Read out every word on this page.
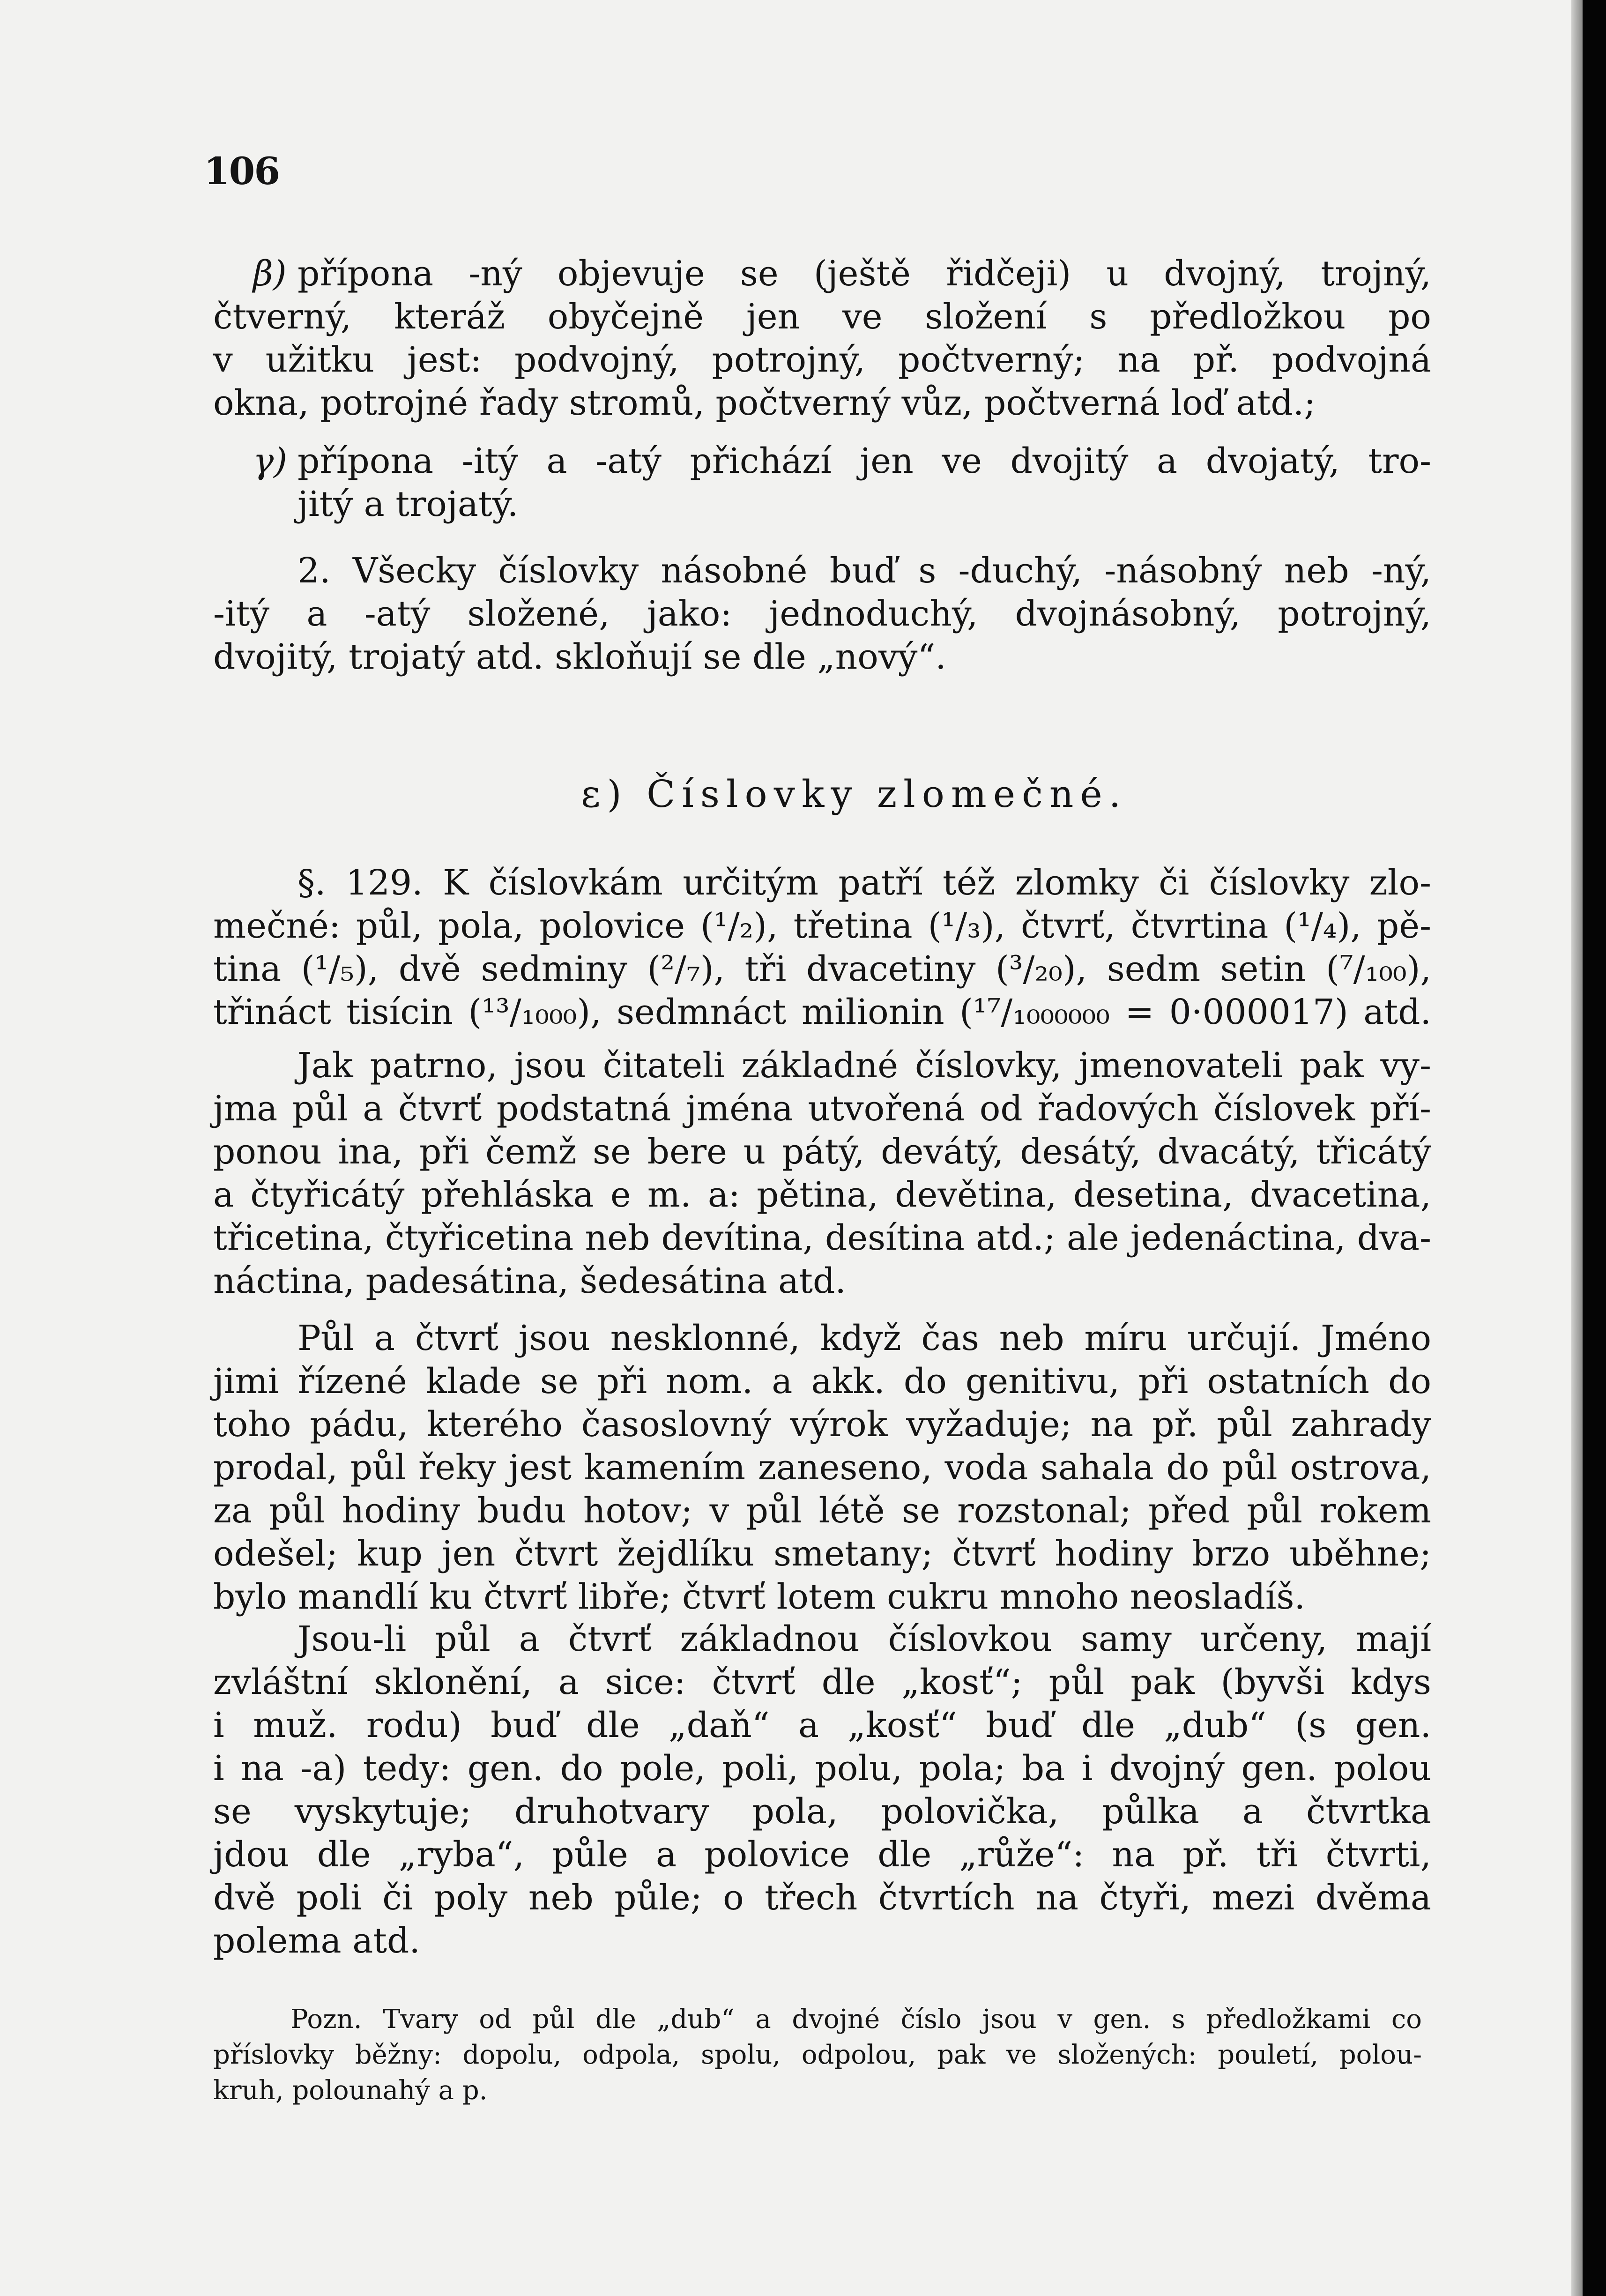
106
β) přípona -ný objevuje se (ještě řidčeji) u dvojný, trojný,
čtverný, kteráž obyčejně jen ve složení s předložkou po
v užitku jest: podvojný, potrojný, počtverný; na př. podvojná
okna, potrojné řady stromů, počtverný vůz, počtverná loď atd.;
γ) přípona -itý a -atý přichází jen ve dvojitý a dvojatý, tro-
jitý a trojatý.
2. Všecky číslovky násobné buď s -duchý, -násobný neb -ný,
-itý a -atý složené, jako: jednoduchý, dvojnásobný, potrojný,
dvojitý, trojatý atd. skloňují se dle „nový“.
ε) Číslovky zlomečné.
§. 129. K číslovkám určitým patří též zlomky či číslovky zlo-
mečné: půl, pola, polovice (¹/₂), třetina (¹/₃), čtvrť, čtvrtina (¹/₄), pě-
tina (¹/₅), dvě sedminy (²/₇), tři dvacetiny (³/₂₀), sedm setin (⁷/₁₀₀),
třináct tisícin (¹³/₁₀₀₀), sedmnáct milionin (¹⁷/₁₀₀₀₀₀₀ = 0·000017) atd.
Jak patrno, jsou čitateli základné číslovky, jmenovateli pak vy-
jma půl a čtvrť podstatná jména utvořená od řadových číslovek pří-
ponou ina, při čemž se bere u pátý, devátý, desátý, dvacátý, třicátý
a čtyřicátý přehláska e m. a: pětina, devětina, desetina, dvacetina,
třicetina, čtyřicetina neb devítina, desítina atd.; ale jedenáctina, dva-
náctina, padesátina, šedesátina atd.
Půl a čtvrť jsou nesklonné, když čas neb míru určují. Jméno
jimi řízené klade se při nom. a akk. do genitivu, při ostatních do
toho pádu, kterého časoslovný výrok vyžaduje; na př. půl zahrady
prodal, půl řeky jest kamením zaneseno, voda sahala do půl ostrova,
za půl hodiny budu hotov; v půl létě se rozstonal; před půl rokem
odešel; kup jen čtvrt žejdlíku smetany; čtvrť hodiny brzo uběhne;
bylo mandlí ku čtvrť libře; čtvrť lotem cukru mnoho neosladíš.
Jsou-li půl a čtvrť základnou číslovkou samy určeny, mají
zvláštní sklonění, a sice: čtvrť dle „kosť“; půl pak (byvši kdys
i muž. rodu) buď dle „daň“ a „kosť“ buď dle „dub“ (s gen.
i na -a) tedy: gen. do pole, poli, polu, pola; ba i dvojný gen. polou
se vyskytuje; druhotvary pola, polovička, půlka a čtvrtka
jdou dle „ryba“, půle a polovice dle „růže“: na př. tři čtvrti,
dvě poli či poly neb půle; o třech čtvrtích na čtyři, mezi dvěma
polema atd.
Pozn. Tvary od půl dle „dub“ a dvojné číslo jsou v gen. s předložkami co
příslovky běžny: dopolu, odpola, spolu, odpolou, pak ve složených: pouletí, polou-
kruh, polounahý a p.
